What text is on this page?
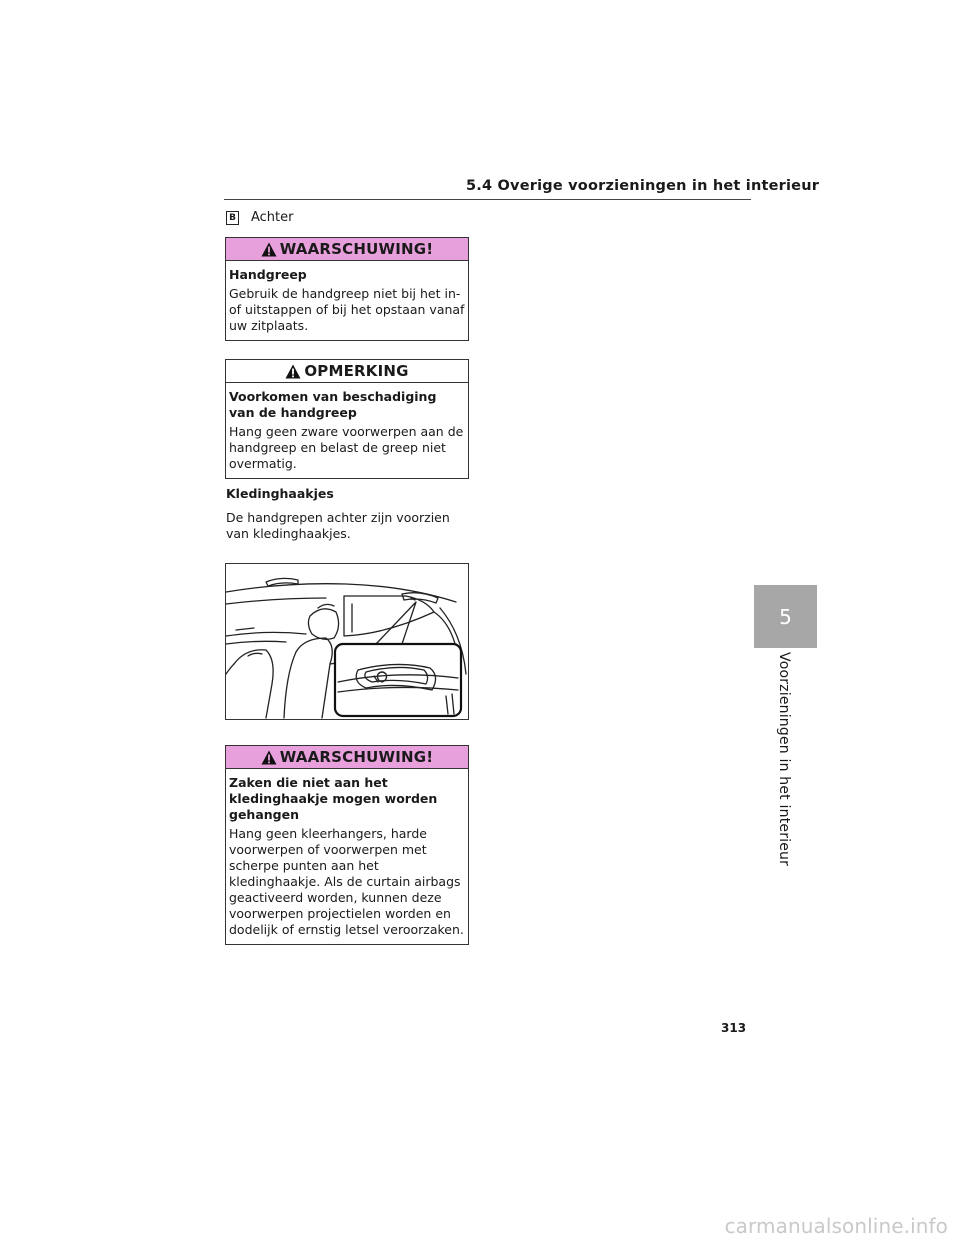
5.4 Overige voorzieningen in het interieur
B Achter
WAARSCHUWING!

Handgreep

Gebruik de handgreep niet bij het in- of uitstappen of bij het opstaan vanaf uw zitplaats.

OPMERKING

Voorkomen van beschadiging van de handgreep

Hang geen zware voorwerpen aan de handgreep en belast de greep niet overmatig.

Kledinghaakjes
De handgrepen achter zijn voorzien van kledinghaakjes.
WAARSCHUWING!

Zaken die niet aan het kledinghaakje mogen worden gehangen

Hang geen kleerhangers, harde voorwerpen of voorwerpen met scherpe punten aan het kledinghaakje. Als de curtain airbags geactiveerd worden, kunnen deze voorwerpen projectielen worden en dodelijk of ernstig letsel veroorzaken.

5
Voorzieningen in het interieur
313
carmanualsonline.info
